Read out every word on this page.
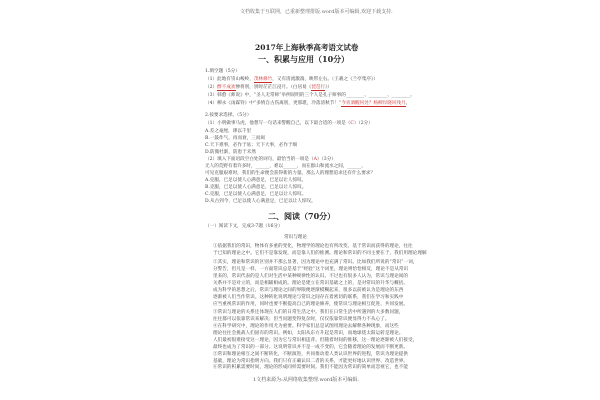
文档收集于互联网，已重新整理排版.word版本可编辑,欢迎下载支持.
2017年上海秋季高考语文试卷
一、积累与应用（10分）
1.填空题（5分）
（1）此地有崇山峻岭，茂林修竹，又有清流激湍，映带左右。（王羲之《兰亭集序》）
（2）醉不成欢惨将别，别时茫茫江浸月。（白居易《琵琶行》）
（3）韩愈《师说》中，“圣人无常师”举例说明的三个人是孔子师事的________、________、________。
（4）柳永《雨霖铃》中“多情自古伤离别，更那堪，冷落清秋节！”今宵酒醒何处？杨柳岸晓风残月。
2.按要求选择。（5分）
（1）小明做事马虎，他想写一句话来警醒自己，以下最合适的一项是（C）（2分）
A.差之毫厘，谬以千里
B.一鼓作气，再而衰，三而竭
C.天下难事，必作于易；天下大事，必作于细
D.防微杜渐，防患于未然
（2）填入下面语段空白处的词句，最恰当的一项是（A）（3分）
无人的荒野有着许多时，______，难以______，而在群山和流水之间，______，
可见克服艰难时，我们的生命便会获得新的力量。那么人的理想追求还有什么要求？
A.克服，已足以使人心满意足，已足以让人惊叹。
B.克服，已足以使人心满意足，已足以让人惊叹。
C.克服，已足以使人心满意足，已足以让人惊叹。
D.从古到今，已足以使人心满意足，已足以让人惊叹。
二、阅读（70分）
（一）阅读下文，完成3-7题（16分）
常识与理论
①依据我们的常识，物体有多重的变化，物理学的理论也有所改变。基于常识而获得的理论，往往
于已知的理论之中。它们不是靠发现，而是靠人们的推测。理论和常识的不同主要在于，我们用理论理解
②其实，理论和常识的区别并不那么显著，因为理论中也充满了常识。比如我们所说的“常识”一词，
分警告，但凡是一样，一方面常识总是基于“经验”这个词里，理论则恰恰相反，理论不是从常识
里来的，常识代表的是人们对生活中某种规律性的认识。不过也有很多人认为，常识与理论间的
关系并不是对立的，而是相辅相成的。理论是建立在常识基础之上的，是对常识的升华与概括。
成为科学的思想之后，常识与理论之间的界限便逐渐模糊起来，很多以前被认为是理论的东西
逐渐被人们当作常识。这种转化说明理论与常识之间存在着密切的联系，我们在学习和实践中
应当重视常识的作用，同时也要不断提高自己的理论修养，使常识与理论相互促进、共同发展。
③常识与理论的关系还体现在人们的日常生活之中。我们在日常生活中所遇到的大多数问题，
往往都可以依靠常识来解决；但当问题变得复杂时，仅仅依靠常识便显得力不从心了。
④在科学研究中，理论的作用尤为重要。科学家们总是试图用理论去解释各种现象，而这些
理论往往会挑战人们固有的常识。例如，太阳从东方升起是常识，而地球绕太阳运转是理论。
人们最初很难接受这一理论，因为它与常识相违背。但随着时间的推移，这一理论逐渐被人们接受，
最终也成为了常识的一部分。这说明常识并不是一成不变的，它会随着理论的发展而不断更新。
⑤常识和理论相互之间不断转化，不断演进，共同推动着人类认识世界的进程，常识为理论提供
基础，理论为常识指明方向。我们只有正确认识二者的关系，才能更好地认识世界、改造世界。
⑥常识的积累需要时间，理论的形成同样需要时间。我们不能因为常识的简单而忽视它，也不能
1文档来源为:从网络收集整理.word版本可编辑.
